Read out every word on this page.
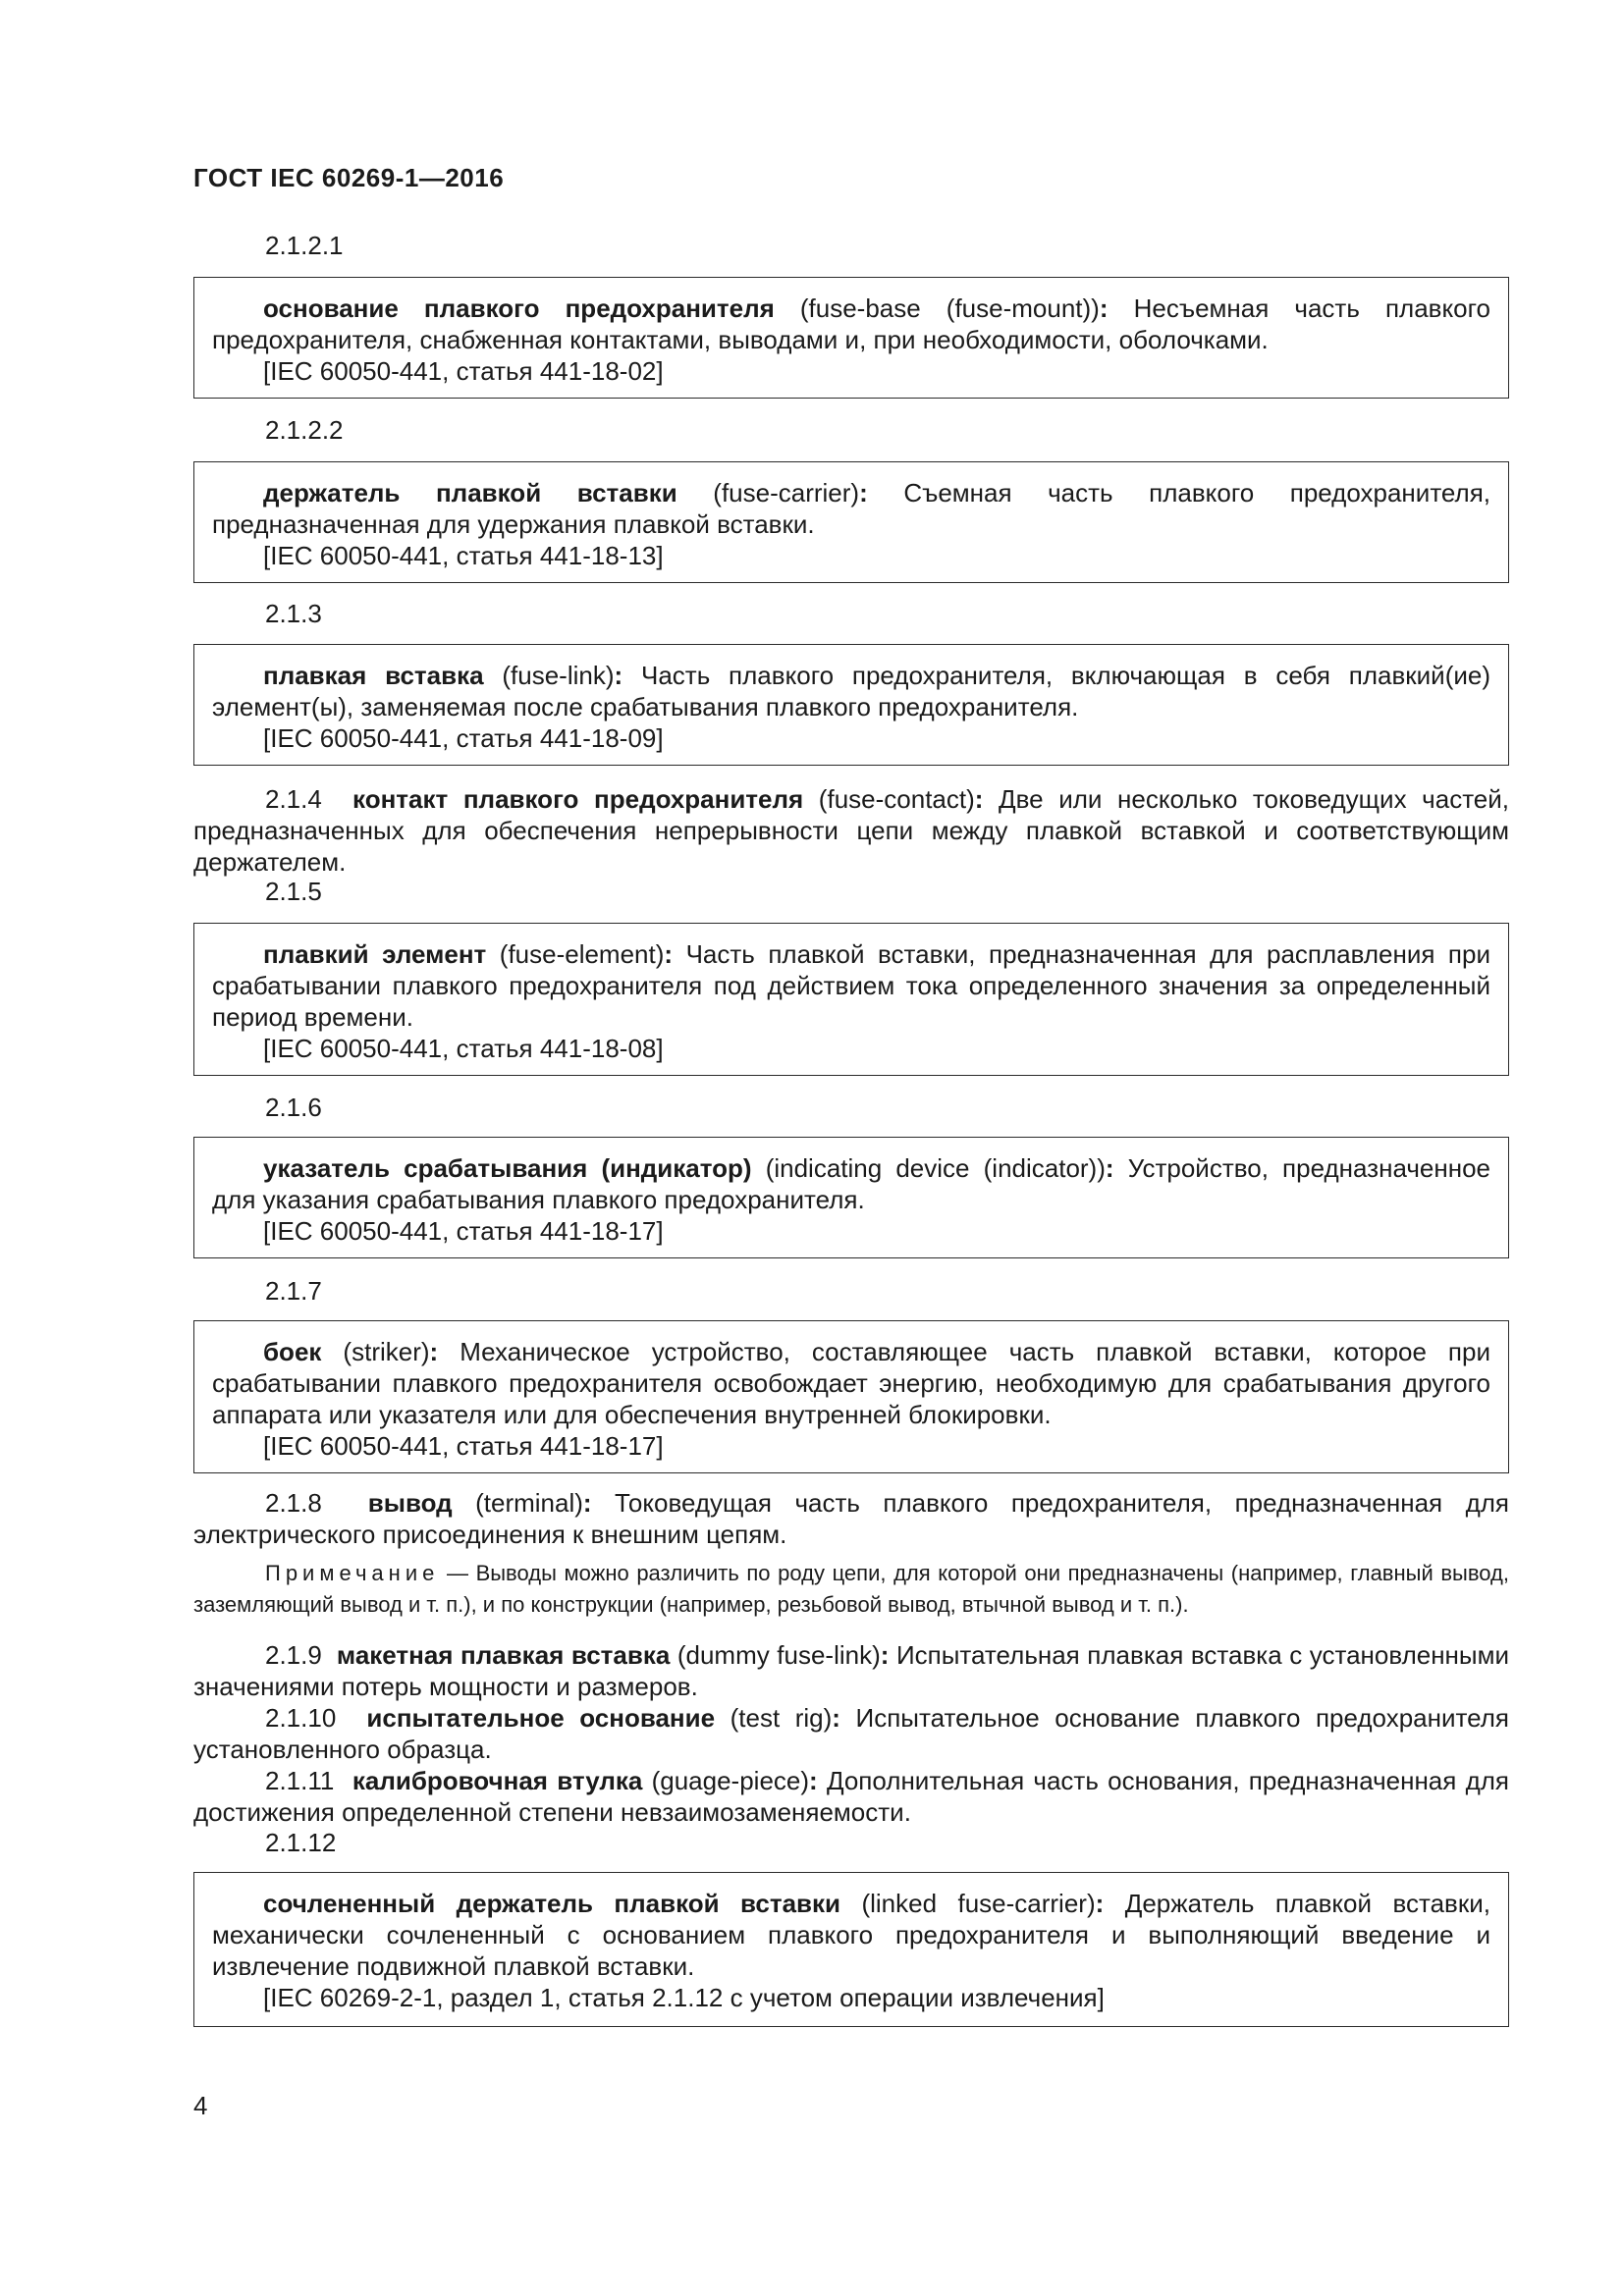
ГОСТ IEC 60269-1—2016
2.1.2.1

основание плавкого предохранителя (fuse-base (fuse-mount)): Несъемная часть плавкого предохранителя, снабженная контактами, выводами и, при необходимости, оболочками.

[IEC 60050-441, статья 441-18-02]

2.1.2.2

держатель плавкой вставки (fuse-carrier): Съемная часть плавкого предохранителя, предназначенная для удержания плавкой вставки.

[IEC 60050-441, статья 441-18-13]

2.1.3

плавкая вставка (fuse-link): Часть плавкого предохранителя, включающая в себя плавкий(ие) элемент(ы), заменяемая после срабатывания плавкого предохранителя.

[IEC 60050-441, статья 441-18-09]

2.1.4 контакт плавкого предохранителя (fuse-contact): Две или несколько токоведущих частей, предназначенных для обеспечения непрерывности цепи между плавкой вставкой и соответствующим держателем.

2.1.5

плавкий элемент (fuse-element): Часть плавкой вставки, предназначенная для расплавления при срабатывании плавкого предохранителя под действием тока определенного значения за определенный период времени.

[IEC 60050-441, статья 441-18-08]

2.1.6

указатель срабатывания (индикатор) (indicating device (indicator)): Устройство, предназначенное для указания срабатывания плавкого предохранителя.

[IEC 60050-441, статья 441-18-17]

2.1.7

боек (striker): Механическое устройство, составляющее часть плавкой вставки, которое при срабатывании плавкого предохранителя освобождает энергию, необходимую для срабатывания другого аппарата или указателя или для обеспечения внутренней блокировки.

[IEC 60050-441, статья 441-18-17]

2.1.8 вывод (terminal): Токоведущая часть плавкого предохранителя, предназначенная для электрического присоединения к внешним цепям.

Примечание — Выводы можно различить по роду цепи, для которой они предназначены (например, главный вывод, заземляющий вывод и т. п.), и по конструкции (например, резьбовой вывод, втычной вывод и т. п.).

2.1.9 макетная плавкая вставка (dummy fuse-link): Испытательная плавкая вставка с установленными значениями потерь мощности и размеров.

2.1.10 испытательное основание (test rig): Испытательное основание плавкого предохранителя установленного образца.

2.1.11 калибровочная втулка (guage-piece): Дополнительная часть основания, предназначенная для достижения определенной степени невзаимозаменяемости.

2.1.12

сочлененный держатель плавкой вставки (linked fuse-carrier): Держатель плавкой вставки, механически сочлененный с основанием плавкого предохранителя и выполняющий введение и извлечение подвижной плавкой вставки.

[IEC 60269-2-1, раздел 1, статья 2.1.12 с учетом операции извлечения]

4
